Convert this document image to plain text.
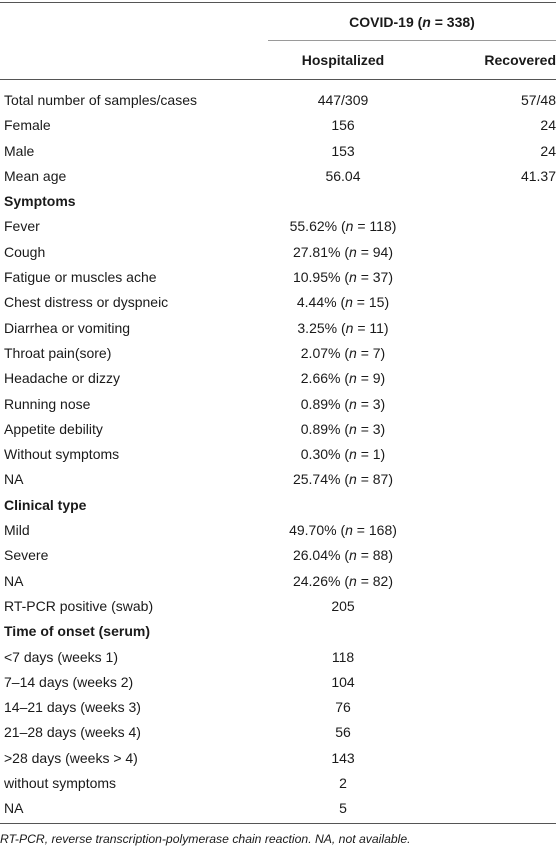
COVID-19 (n = 338)
Hospitalized	Recovered
Total number of samples/cases	447/309	57/48
Female	156	24
Male	153	24
Mean age	56.04	41.37
Symptoms
Fever	55.62% (n = 118)
Cough	27.81% (n = 94)
Fatigue or muscles ache	10.95% (n = 37)
Chest distress or dyspneic	4.44% (n = 15)
Diarrhea or vomiting	3.25% (n = 11)
Throat pain(sore)	2.07% (n = 7)
Headache or dizzy	2.66% (n = 9)
Running nose	0.89% (n = 3)
Appetite debility	0.89% (n = 3)
Without symptoms	0.30% (n = 1)
NA	25.74% (n = 87)
Clinical type
Mild	49.70% (n = 168)
Severe	26.04% (n = 88)
NA	24.26% (n = 82)
RT-PCR positive (swab)	205
Time of onset (serum)
<7 days (weeks 1)	118
7–14 days (weeks 2)	104
14–21 days (weeks 3)	76
21–28 days (weeks 4)	56
>28 days (weeks > 4)	143
without symptoms	2
NA	5
RT-PCR, reverse transcription-polymerase chain reaction. NA, not available.
